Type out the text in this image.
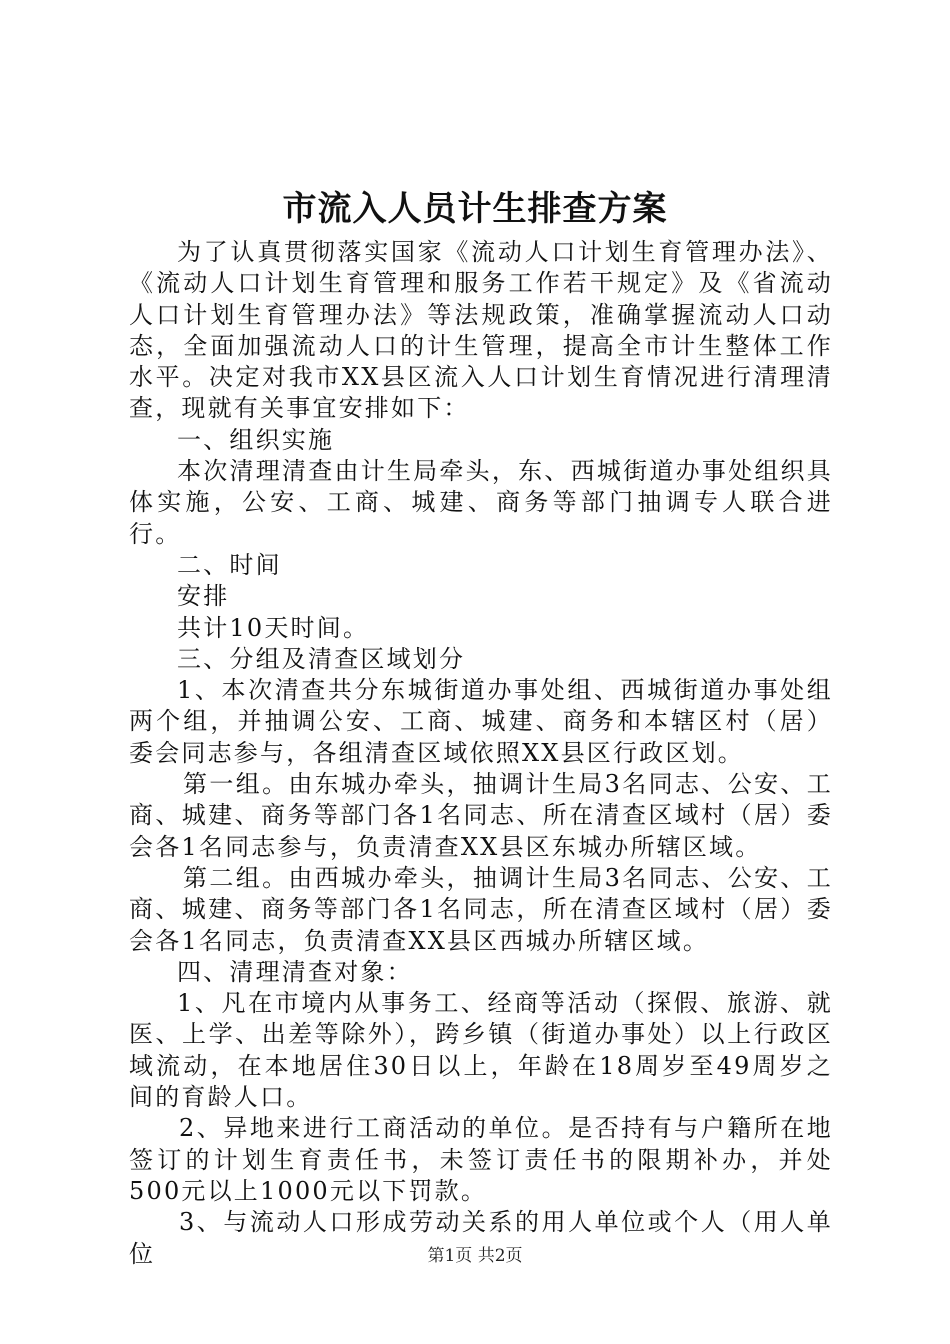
市流入人员计生排查方案

为了认真贯彻落实国家《流动人口计划生育管理办法》、《流动人口计划生育管理和服务工作若干规定》及《省流动人口计划生育管理办法》等法规政策，准确掌握流动人口动态，全面加强流动人口的计生管理，提高全市计生整体工作水平。决定对我市XX县区流入人口计划生育情况进行清理清查，现就有关事宜安排如下：

一、组织实施

本次清理清查由计生局牵头，东、西城街道办事处组织具体实施，公安、工商、城建、商务等部门抽调专人联合进行。

二、时间

安排

共计10天时间。

三、分组及清查区域划分

1、本次清查共分东城街道办事处组、西城街道办事处组两个组，并抽调公安、工商、城建、商务和本辖区村（居）委会同志参与，各组清查区域依照XX县区行政区划。

第一组。由东城办牵头，抽调计生局3名同志、公安、工商、城建、商务等部门各1名同志、所在清查区域村（居）委会各1名同志参与，负责清查XX县区东城办所辖区域。

第二组。由西城办牵头，抽调计生局3名同志、公安、工商、城建、商务等部门各1名同志，所在清查区域村（居）委会各1名同志，负责清查XX县区西城办所辖区域。

四、清理清查对象：

1、凡在市境内从事务工、经商等活动（探假、旅游、就医、上学、出差等除外），跨乡镇（街道办事处）以上行政区域流动，在本地居住30日以上，年龄在18周岁至49周岁之间的育龄人口。

2、异地来进行工商活动的单位。是否持有与户籍所在地签订的计划生育责任书，未签订责任书的限期补办，并处500元以上1000元以下罚款。

3、与流动人口形成劳动关系的用人单位或个人（用人单位	第1页 共2页
